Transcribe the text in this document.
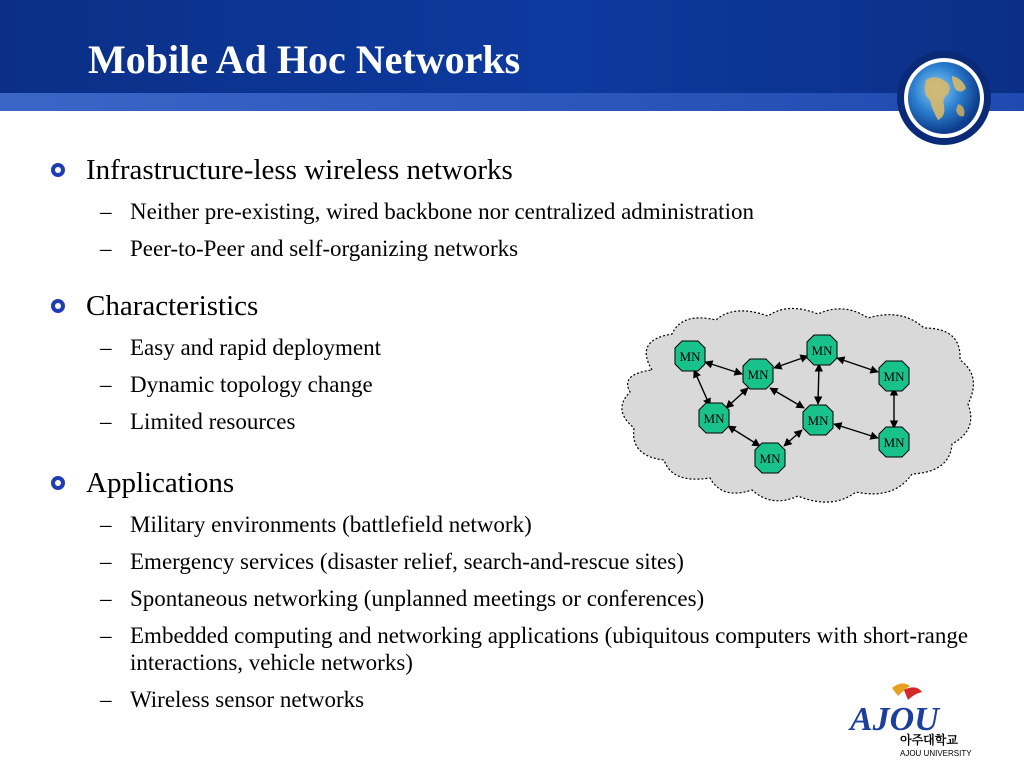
Mobile Ad Hoc Networks
Infrastructure-less wireless networks
– Neither pre-existing, wired backbone nor centralized administration
– Peer-to-Peer and self-organizing networks
Characteristics
– Easy and rapid deployment
– Dynamic topology change
– Limited resources
Applications
– Military environments (battlefield network)
– Emergency services (disaster relief, search-and-rescue sites)
– Spontaneous networking (unplanned meetings or conferences)
– Embedded computing and networking applications (ubiquitous computers with short-range interactions, vehicle networks)
– Wireless sensor networks
MN
MN
MN
MN
MN	MN
MN
MN
AJOU
아주대학교
AJOU UNIVERSITY
